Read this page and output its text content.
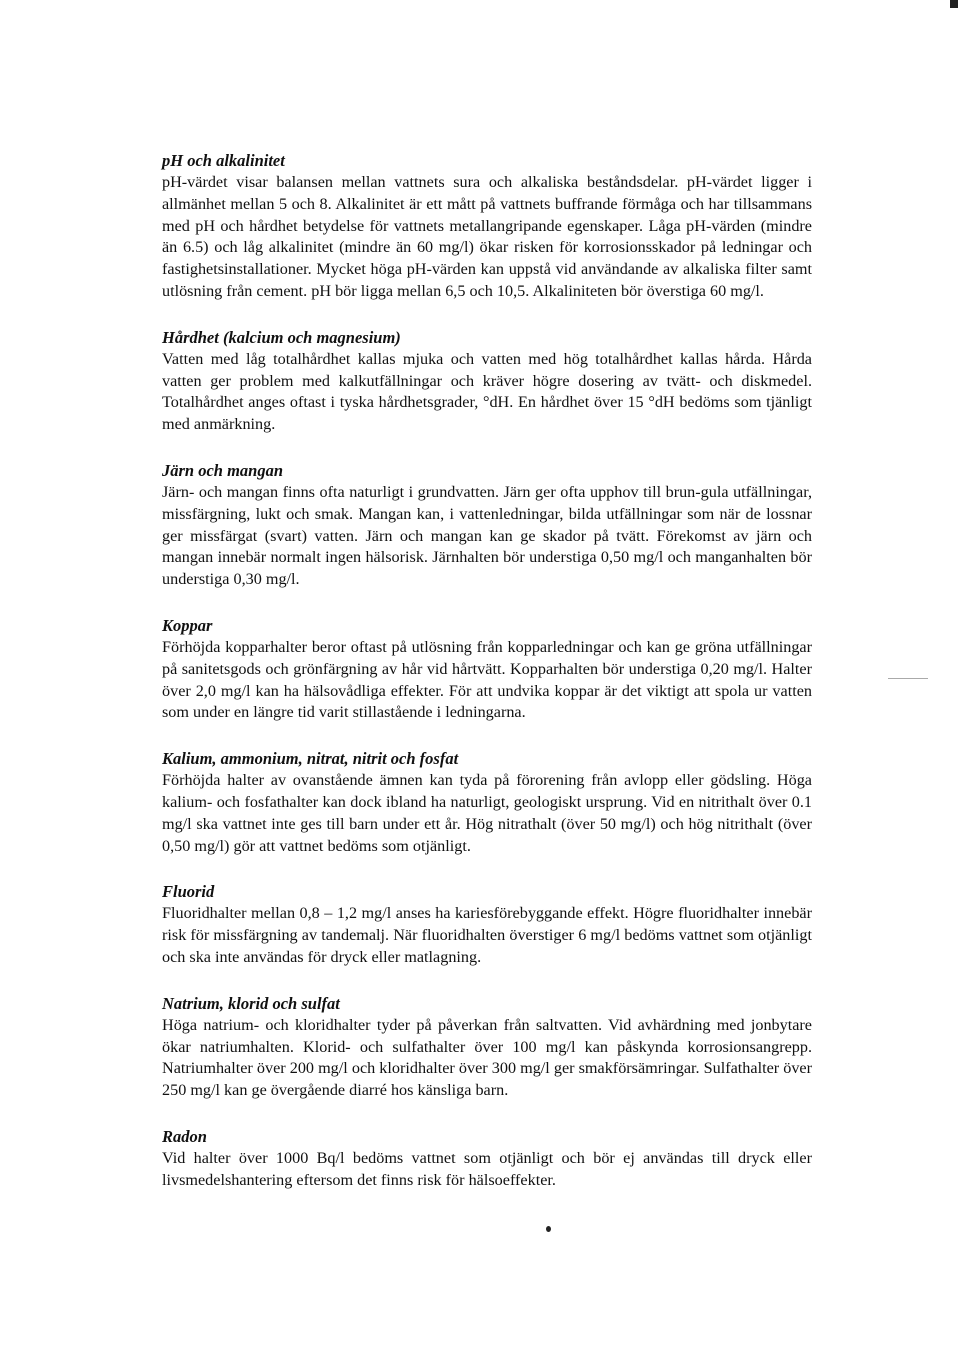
pH och alkalinitet

pH-värdet visar balansen mellan vattnets sura och alkaliska beståndsdelar. pH-värdet ligger i allmänhet mellan 5 och 8. Alkalinitet är ett mått på vattnets buffrande förmåga och har tillsammans med pH och hårdhet betydelse för vattnets metallangripande egenskaper. Låga pH-värden (mindre än 6.5) och låg alkalinitet (mindre än 60 mg/l) ökar risken för korrosionsskador på ledningar och fastighetsinstallationer. Mycket höga pH-värden kan uppstå vid användande av alkaliska filter samt utlösning från cement. pH bör ligga mellan 6,5 och 10,5. Alkaliniteten bör överstiga 60 mg/l.

Hårdhet (kalcium och magnesium)

Vatten med låg totalhårdhet kallas mjuka och vatten med hög totalhårdhet kallas hårda. Hårda vatten ger problem med kalkutfällningar och kräver högre dosering av tvätt- och diskmedel. Totalhårdhet anges oftast i tyska hårdhetsgrader, °dH. En hårdhet över 15 °dH bedöms som tjänligt med anmärkning.

Järn och mangan

Järn- och mangan finns ofta naturligt i grundvatten. Järn ger ofta upphov till brun-gula utfällningar, missfärgning, lukt och smak. Mangan kan, i vattenledningar, bilda utfällningar som när de lossnar ger missfärgat (svart) vatten. Järn och mangan kan ge skador på tvätt. Förekomst av järn och mangan innebär normalt ingen hälsorisk. Järnhalten bör understiga 0,50 mg/l och manganhalten bör understiga 0,30 mg/l.

Koppar

Förhöjda kopparhalter beror oftast på utlösning från kopparledningar och kan ge gröna utfällningar på sanitetsgods och grönfärgning av hår vid hårtvätt. Kopparhalten bör understiga 0,20 mg/l. Halter över 2,0 mg/l kan ha hälsovådliga effekter. För att undvika koppar är det viktigt att spola ur vatten som under en längre tid varit stillastående i ledningarna.

Kalium, ammonium, nitrat, nitrit och fosfat

Förhöjda halter av ovanstående ämnen kan tyda på förorening från avlopp eller gödsling. Höga kalium- och fosfathalter kan dock ibland ha naturligt, geologiskt ursprung. Vid en nitrithalt över 0.1 mg/l ska vattnet inte ges till barn under ett år. Hög nitrathalt (över 50 mg/l) och hög nitrithalt (över 0,50 mg/l) gör att vattnet bedöms som otjänligt.

Fluorid

Fluoridhalter mellan 0,8 – 1,2 mg/l anses ha kariesförebyggande effekt. Högre fluoridhalter innebär risk för missfärgning av tandemalj. När fluoridhalten överstiger 6 mg/l bedöms vattnet som otjänligt och ska inte användas för dryck eller matlagning.

Natrium, klorid och sulfat

Höga natrium- och kloridhalter tyder på påverkan från saltvatten. Vid avhärdning med jonbytare ökar natriumhalten. Klorid- och sulfathalter över 100 mg/l kan påskynda korrosionsangrepp. Natriumhalter över 200 mg/l och kloridhalter över 300 mg/l ger smakförsämringar. Sulfathalter över 250 mg/l kan ge övergående diarré hos känsliga barn.

Radon

Vid halter över 1000 Bq/l bedöms vattnet som otjänligt och bör ej användas till dryck eller livsmedelshantering eftersom det finns risk för hälsoeffekter.
